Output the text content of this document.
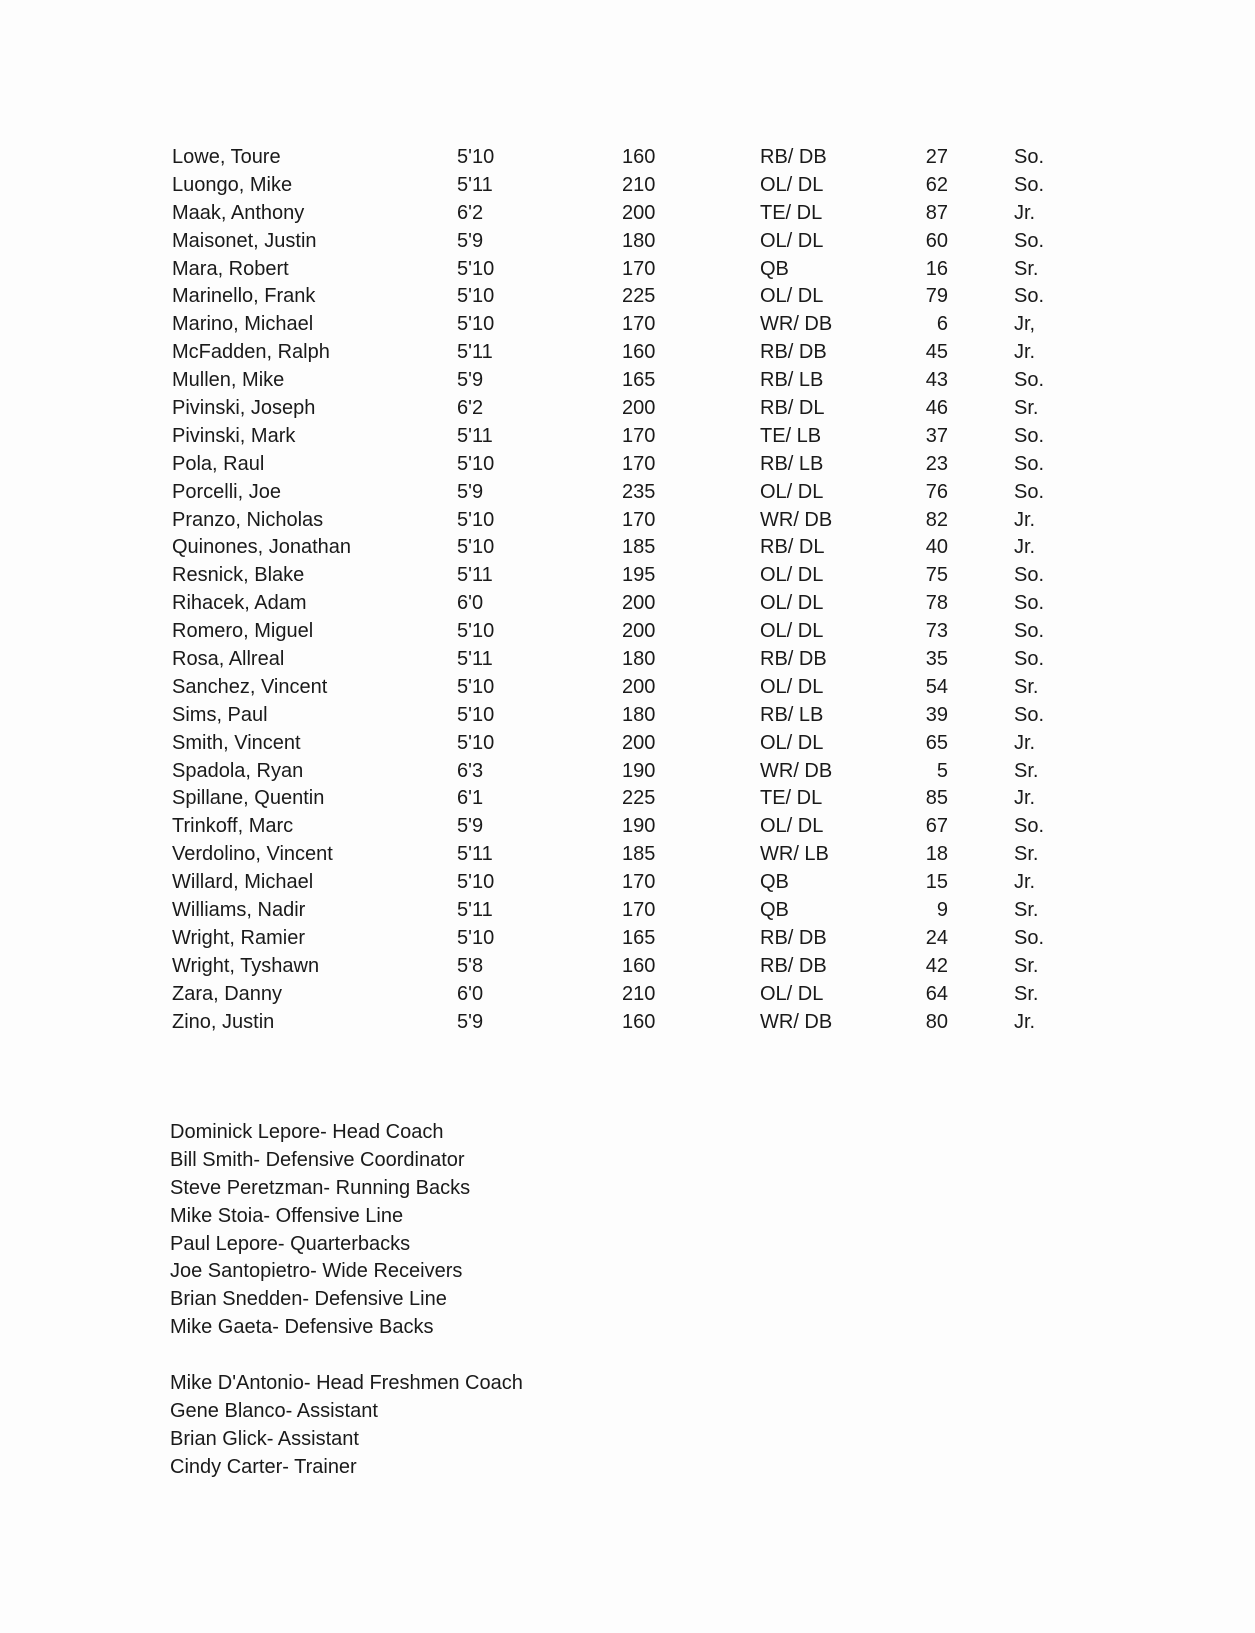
Lowe, Toure	5'10	160	RB/ DB	27	So.
Luongo, Mike	5'11	210	OL/ DL	62	So.
Maak, Anthony	6'2	200	TE/ DL	87	Jr.
Maisonet, Justin	5'9	180	OL/ DL	60	So.
Mara, Robert	5'10	170	QB	16	Sr.
Marinello, Frank	5'10	225	OL/ DL	79	So.
Marino, Michael	5'10	170	WR/ DB	6	Jr,
McFadden, Ralph	5'11	160	RB/ DB	45	Jr.
Mullen, Mike	5'9	165	RB/ LB	43	So.
Pivinski, Joseph	6'2	200	RB/ DL	46	Sr.
Pivinski, Mark	5'11	170	TE/ LB	37	So.
Pola, Raul	5'10	170	RB/ LB	23	So.
Porcelli, Joe	5'9	235	OL/ DL	76	So.
Pranzo, Nicholas	5'10	170	WR/ DB	82	Jr.
Quinones, Jonathan	5'10	185	RB/ DL	40	Jr.
Resnick, Blake	5'11	195	OL/ DL	75	So.
Rihacek, Adam	6'0	200	OL/ DL	78	So.
Romero, Miguel	5'10	200	OL/ DL	73	So.
Rosa, Allreal	5'11	180	RB/ DB	35	So.
Sanchez, Vincent	5'10	200	OL/ DL	54	Sr.
Sims, Paul	5'10	180	RB/ LB	39	So.
Smith, Vincent	5'10	200	OL/ DL	65	Jr.
Spadola, Ryan	6'3	190	WR/ DB	5	Sr.
Spillane, Quentin	6'1	225	TE/ DL	85	Jr.
Trinkoff, Marc	5'9	190	OL/ DL	67	So.
Verdolino, Vincent	5'11	185	WR/ LB	18	Sr.
Willard, Michael	5'10	170	QB	15	Jr.
Williams, Nadir	5'11	170	QB	9	Sr.
Wright, Ramier	5'10	165	RB/ DB	24	So.
Wright, Tyshawn	5'8	160	RB/ DB	42	Sr.
Zara, Danny	6'0	210	OL/ DL	64	Sr.
Zino, Justin	5'9	160	WR/ DB	80	Jr.
Dominick Lepore- Head Coach
Bill Smith- Defensive Coordinator
Steve Peretzman- Running Backs
Mike Stoia- Offensive Line
Paul Lepore- Quarterbacks
Joe Santopietro- Wide Receivers
Brian Snedden- Defensive Line
Mike Gaeta- Defensive Backs
Mike D'Antonio- Head Freshmen Coach
Gene Blanco- Assistant
Brian Glick- Assistant
Cindy Carter- Trainer
